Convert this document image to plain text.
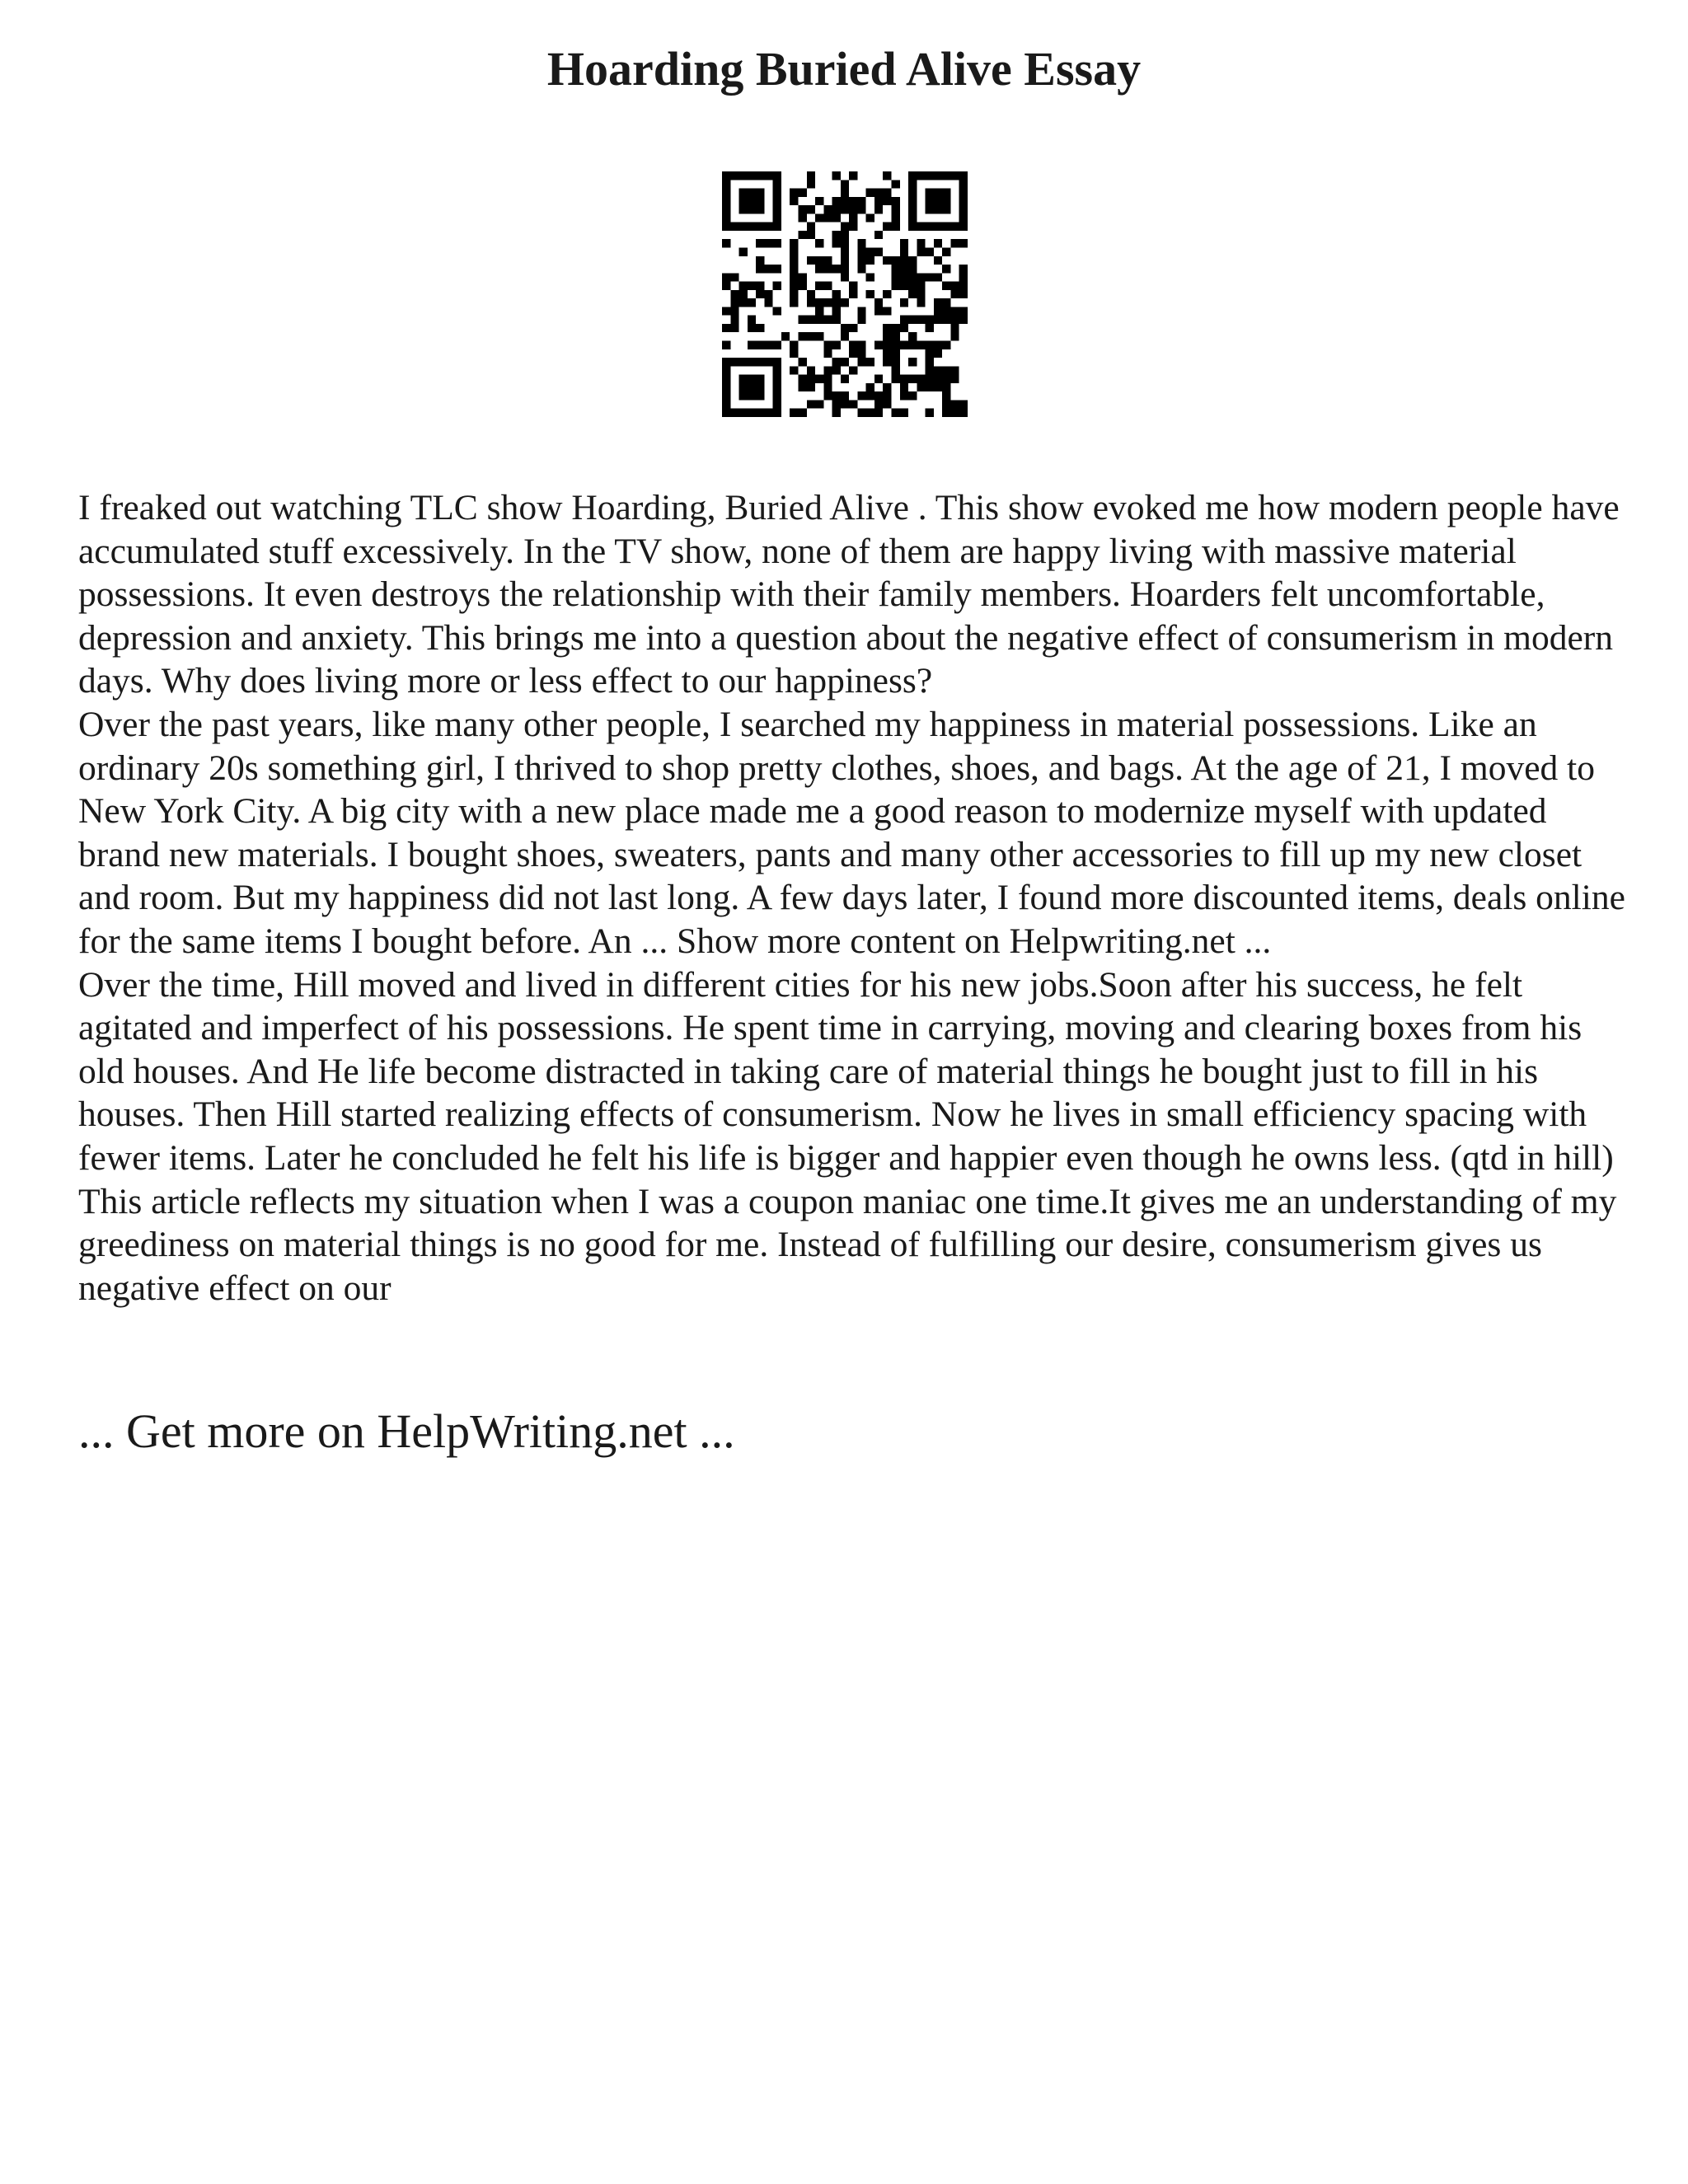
Hoarding Buried Alive Essay

I freaked out watching TLC show Hoarding, Buried Alive . This show evoked me how modern people have accumulated stuff excessively. In the TV show, none of them are happy living with massive material possessions. It even destroys the relationship with their family members. Hoarders felt uncomfortable, depression and anxiety. This brings me into a question about the negative effect of consumerism in modern days. Why does living more or less effect to our happiness?

Over the past years, like many other people, I searched my happiness in material possessions. Like an ordinary 20s something girl, I thrived to shop pretty clothes, shoes, and bags. At the age of 21, I moved to New York City. A big city with a new place made me a good reason to modernize myself with updated brand new materials. I bought shoes, sweaters, pants and many other accessories to fill up my new closet and room. But my happiness did not last long. A few days later, I found more discounted items, deals online for the same items I bought before. An ... Show more content on Helpwriting.net ...

Over the time, Hill moved and lived in different cities for his new jobs.Soon after his success, he felt agitated and imperfect of his possessions. He spent time in carrying, moving and clearing boxes from his old houses. And He life become distracted in taking care of material things he bought just to fill in his houses. Then Hill started realizing effects of consumerism. Now he lives in small efficiency spacing with fewer items. Later he concluded he felt his life is bigger and happier even though he owns less. (qtd in hill) This article reflects my situation when I was a coupon maniac one time.It gives me an understanding of my greediness on material things is no good for me. Instead of fulfilling our desire, consumerism gives us negative effect on our

... Get more on HelpWriting.net ...
